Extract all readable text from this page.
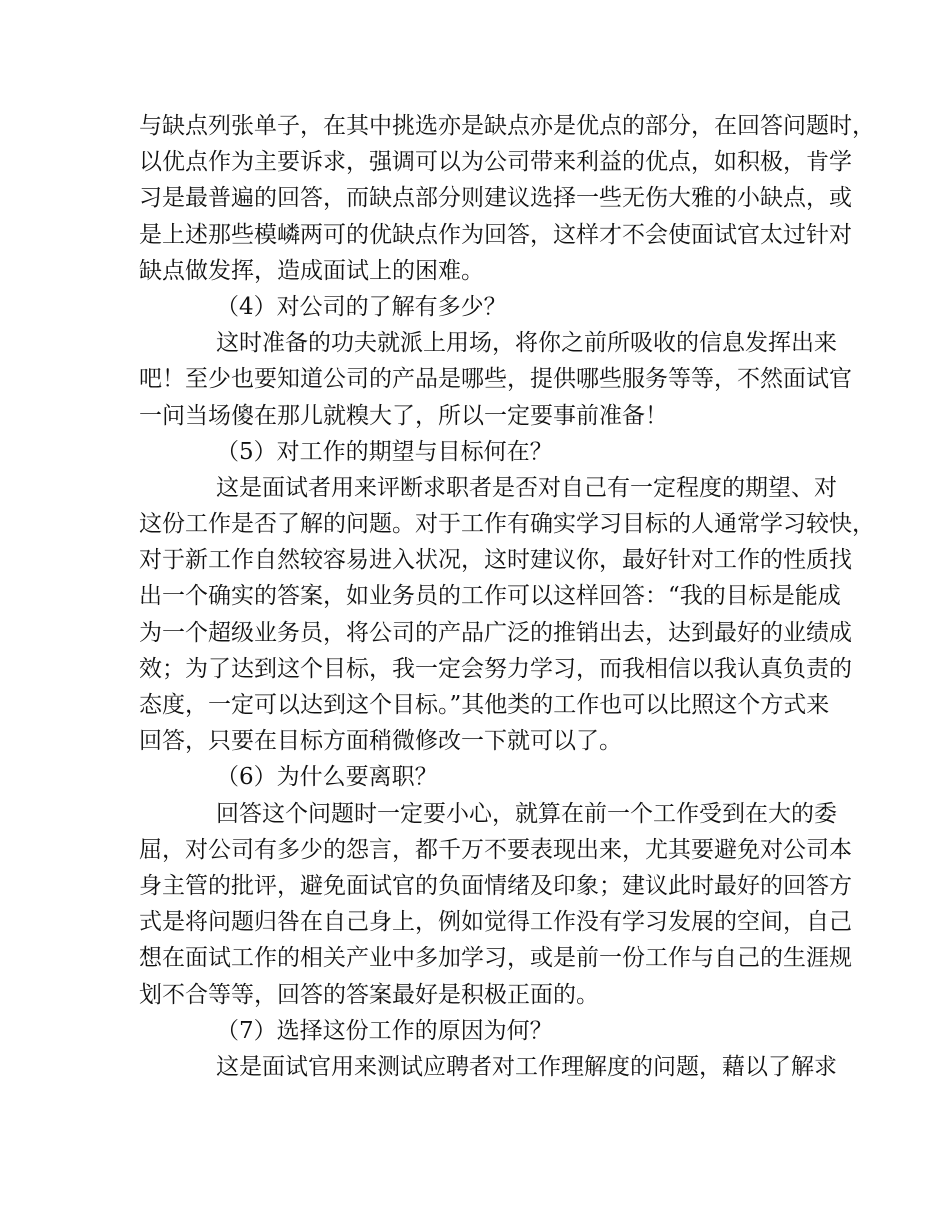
与缺点列张单子，在其中挑选亦是缺点亦是优点的部分，在回答问题时，
以优点作为主要诉求，强调可以为公司带来利益的优点，如积极，肯学
习是最普遍的回答，而缺点部分则建议选择一些无伤大雅的小缺点，或
是上述那些模嶙两可的优缺点作为回答，这样才不会使面试官太过针对
缺点做发挥，造成面试上的困难。
（4）对公司的了解有多少？
这时准备的功夫就派上用场，将你之前所吸收的信息发挥出来
吧！至少也要知道公司的产品是哪些，提供哪些服务等等，不然面试官
一问当场傻在那儿就糗大了，所以一定要事前准备！
（5）对工作的期望与目标何在？
这是面试者用来评断求职者是否对自己有一定程度的期望、对
这份工作是否了解的问题。对于工作有确实学习目标的人通常学习较快，
对于新工作自然较容易进入状况，这时建议你，最好针对工作的性质找
出一个确实的答案，如业务员的工作可以这样回答：“我的目标是能成
为一个超级业务员，将公司的产品广泛的推销出去，达到最好的业绩成
效；为了达到这个目标，我一定会努力学习，而我相信以我认真负责的
态度，一定可以达到这个目标。”其他类的工作也可以比照这个方式来
回答，只要在目标方面稍微修改一下就可以了。
（6）为什么要离职？
回答这个问题时一定要小心，就算在前一个工作受到在大的委
屈，对公司有多少的怨言，都千万不要表现出来，尤其要避免对公司本
身主管的批评，避免面试官的负面情绪及印象；建议此时最好的回答方
式是将问题归咎在自己身上，例如觉得工作没有学习发展的空间，自己
想在面试工作的相关产业中多加学习，或是前一份工作与自己的生涯规
划不合等等，回答的答案最好是积极正面的。
（7）选择这份工作的原因为何？
这是面试官用来测试应聘者对工作理解度的问题，藉以了解求
